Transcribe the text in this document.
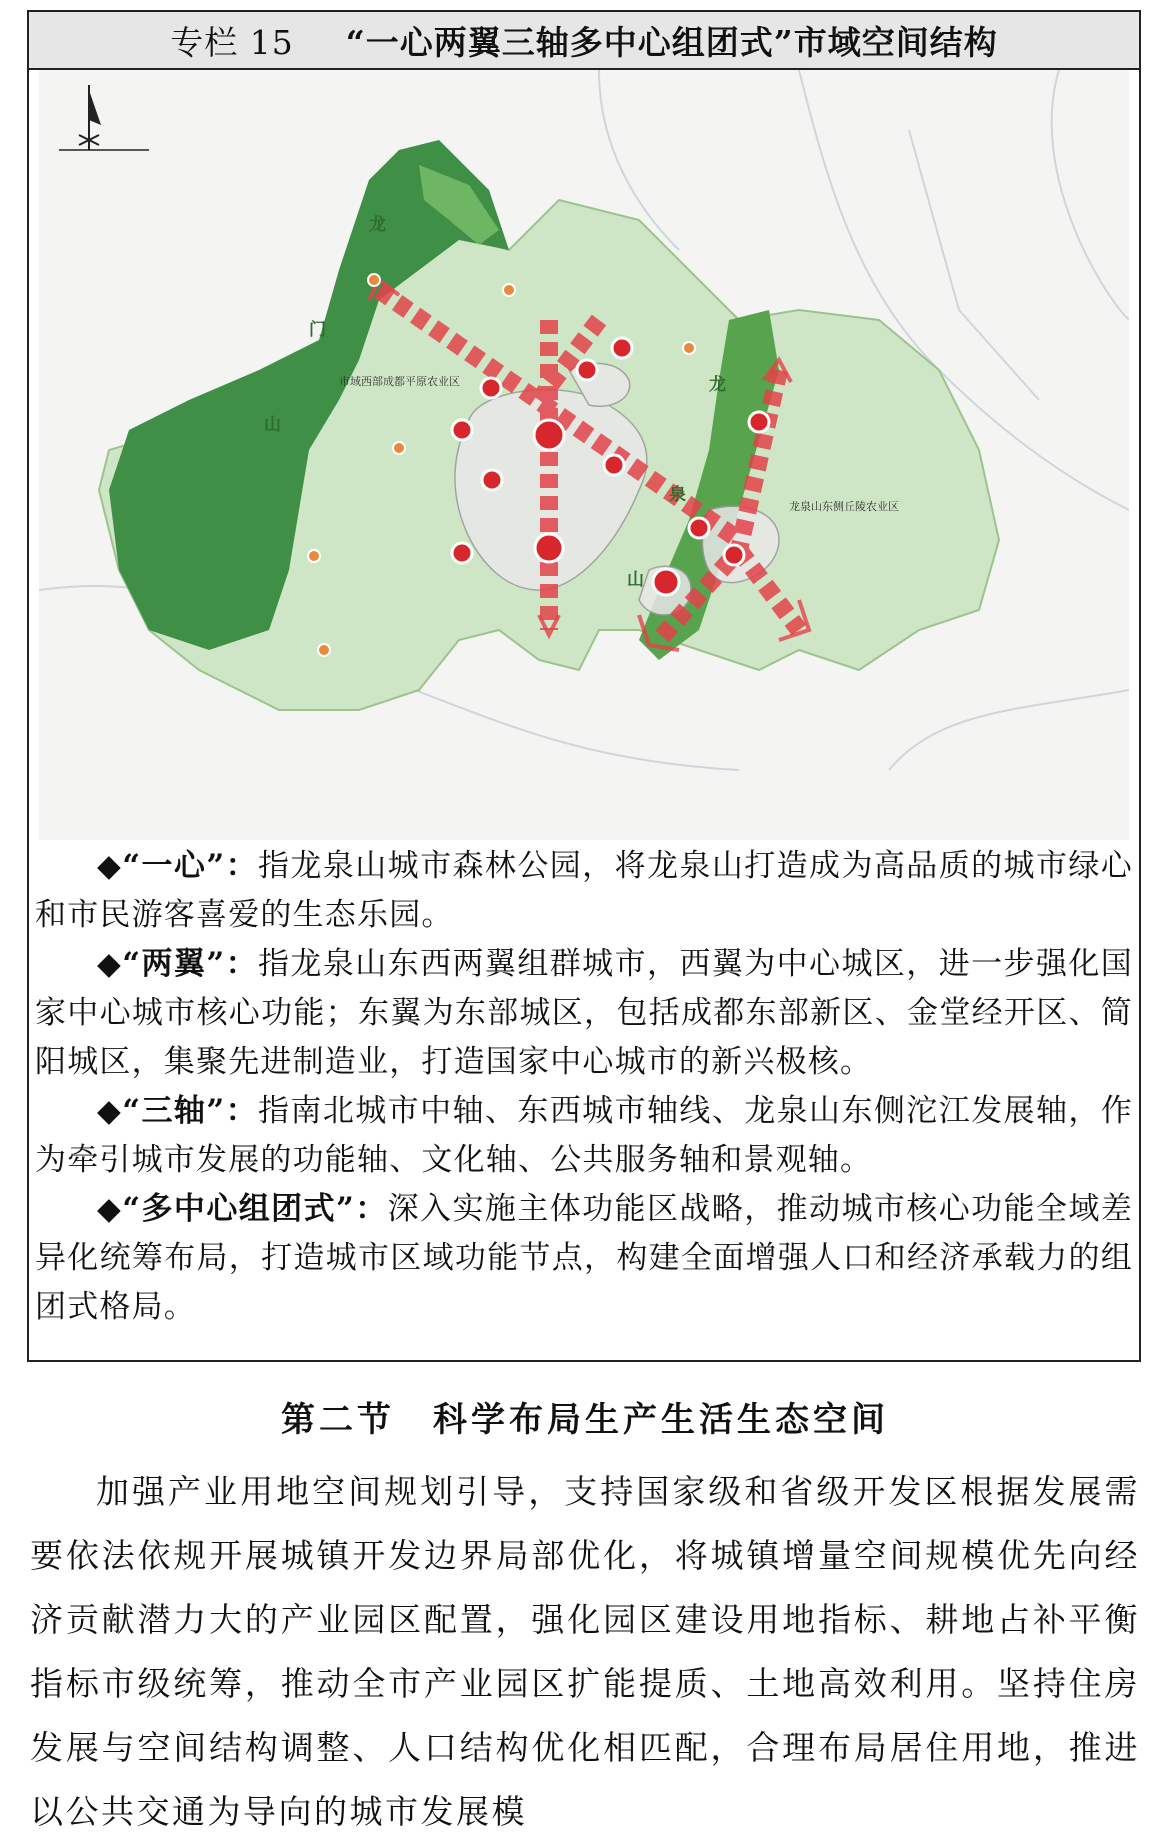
专栏 15 “一心两翼三轴多中心组团式”市域空间结构
龙
门
山
龙
泉
山
市域西部成都平原农业区
龙泉山东侧丘陵农业区

◆“一心”：指龙泉山城市森林公园，将龙泉山打造成为高品质的城市绿心和市民游客喜爱的生态乐园。

◆“两翼”：指龙泉山东西两翼组群城市，西翼为中心城区，进一步强化国家中心城市核心功能；东翼为东部城区，包括成都东部新区、金堂经开区、简阳城区，集聚先进制造业，打造国家中心城市的新兴极核。

◆“三轴”：指南北城市中轴、东西城市轴线、龙泉山东侧沱江发展轴，作为牵引城市发展的功能轴、文化轴、公共服务轴和景观轴。

◆“多中心组团式”：深入实施主体功能区战略，推动城市核心功能全域差异化统筹布局，打造城市区域功能节点，构建全面增强人口和经济承载力的组团式格局。

第二节　科学布局生产生活生态空间

加强产业用地空间规划引导，支持国家级和省级开发区根据发展需要依法依规开展城镇开发边界局部优化，将城镇增量空间规模优先向经济贡献潜力大的产业园区配置，强化园区建设用地指标、耕地占补平衡指标市级统筹，推动全市产业园区扩能提质、土地高效利用。坚持住房发展与空间结构调整、人口结构优化相匹配，合理布局居住用地，推进以公共交通为导向的城市发展模
